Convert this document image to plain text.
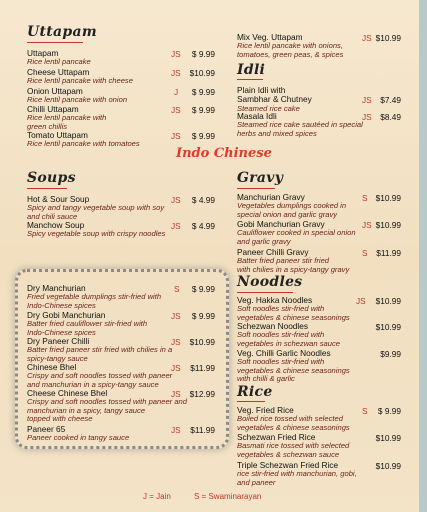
Uttapam
Uttapam
Rice lentil pancake
JS	$ 9.99
Cheese Uttapam
Rice lentil pancake with cheese
JS	$10.99
Onion Uttapam
Rice lentil pancake with onion
J	$ 9.99
Chilli Uttapam
Rice lentil pancake with
green chillis
JS	$ 9.99
Tomato Uttapam
Rice lentil pancake with tomatoes
JS	$ 9.99
Mix Veg. Uttapam
Rice lentil pancake with onions,
tomatoes, green peas, & spices
JS $10.99
Idli
Plain Idli with
Sambhar & Chutney
Steamed rice cake
JS	$7.49
Masala Idli
Steamed rice cake sautéed in special
herbs and mixed spices
JS	$8.49
Indo Chinese
Soups
Hot & Sour Soup
Spicy and tangy vegetable soup with soy
and chili sauce
JS	$ 4.99
Manchow Soup
Spicy vegetable soup with crispy noodles
JS	$ 4.99
Gravy
Manchurian Gravy
Vegetables dumplings cooked in
special onion and garlic gravy
S $10.99
Gobi Manchurian Gravy
Cauliflower cooked in special onion
and garlic gravy
JS $10.99
Paneer Chilli Gravy
Batter fried paneer stir fried
with chilies in a spicy-tangy gravy
S	$11.99
Dry Manchurian
Fried vegetable dumplings stir-fried with
Indo-Chinese spices
S	$ 9.99
Dry Gobi Manchurian
Batter fried cauliflower stir-fried with
Indo-Chinese spices
JS	$ 9.99
Dry Paneer Chilli
Batter fried paneer stir fried with chilies in a
spicy-tangy sauce
JS	$10.99
Chinese Bhel
Crispy and soft noodles tossed with paneer
and manchurian in a spicy-tangy sauce
JS	$11.99
Cheese Chinese Bhel
Crispy and soft noodles tossed with paneer and
manchurian in a spicy, tangy sauce
topped with cheese
JS	$12.99
Paneer 65
Paneer cooked in tangy sauce
JS	$11.99
Noodles
Veg. Hakka Noodles
Soft noodles stir-fried with
vegetables & chinese seasonings
JS	$10.99
Schezwan Noodles
Soft noodles stir-fried with
vegetables in schezwan sauce
$10.99
Veg. Chilli Garlic Noodles
Soft noodles stir-fried with
vegetables & chinese seasonings
with chilli & garlic
$9.99
Rice
Veg. Fried Rice
Boiled rice tossed with selected
vegetables & chinese seasonings
S	$ 9.99
Schezwan Fried Rice
Basmati rice tossed with selected
vegetables & schezwan sauce
$10.99
Triple Schezwan Fried Rice
rice stir-fried with manchurian, gobi,
and paneer
$10.99
J = Jain	S = Swaminarayan
